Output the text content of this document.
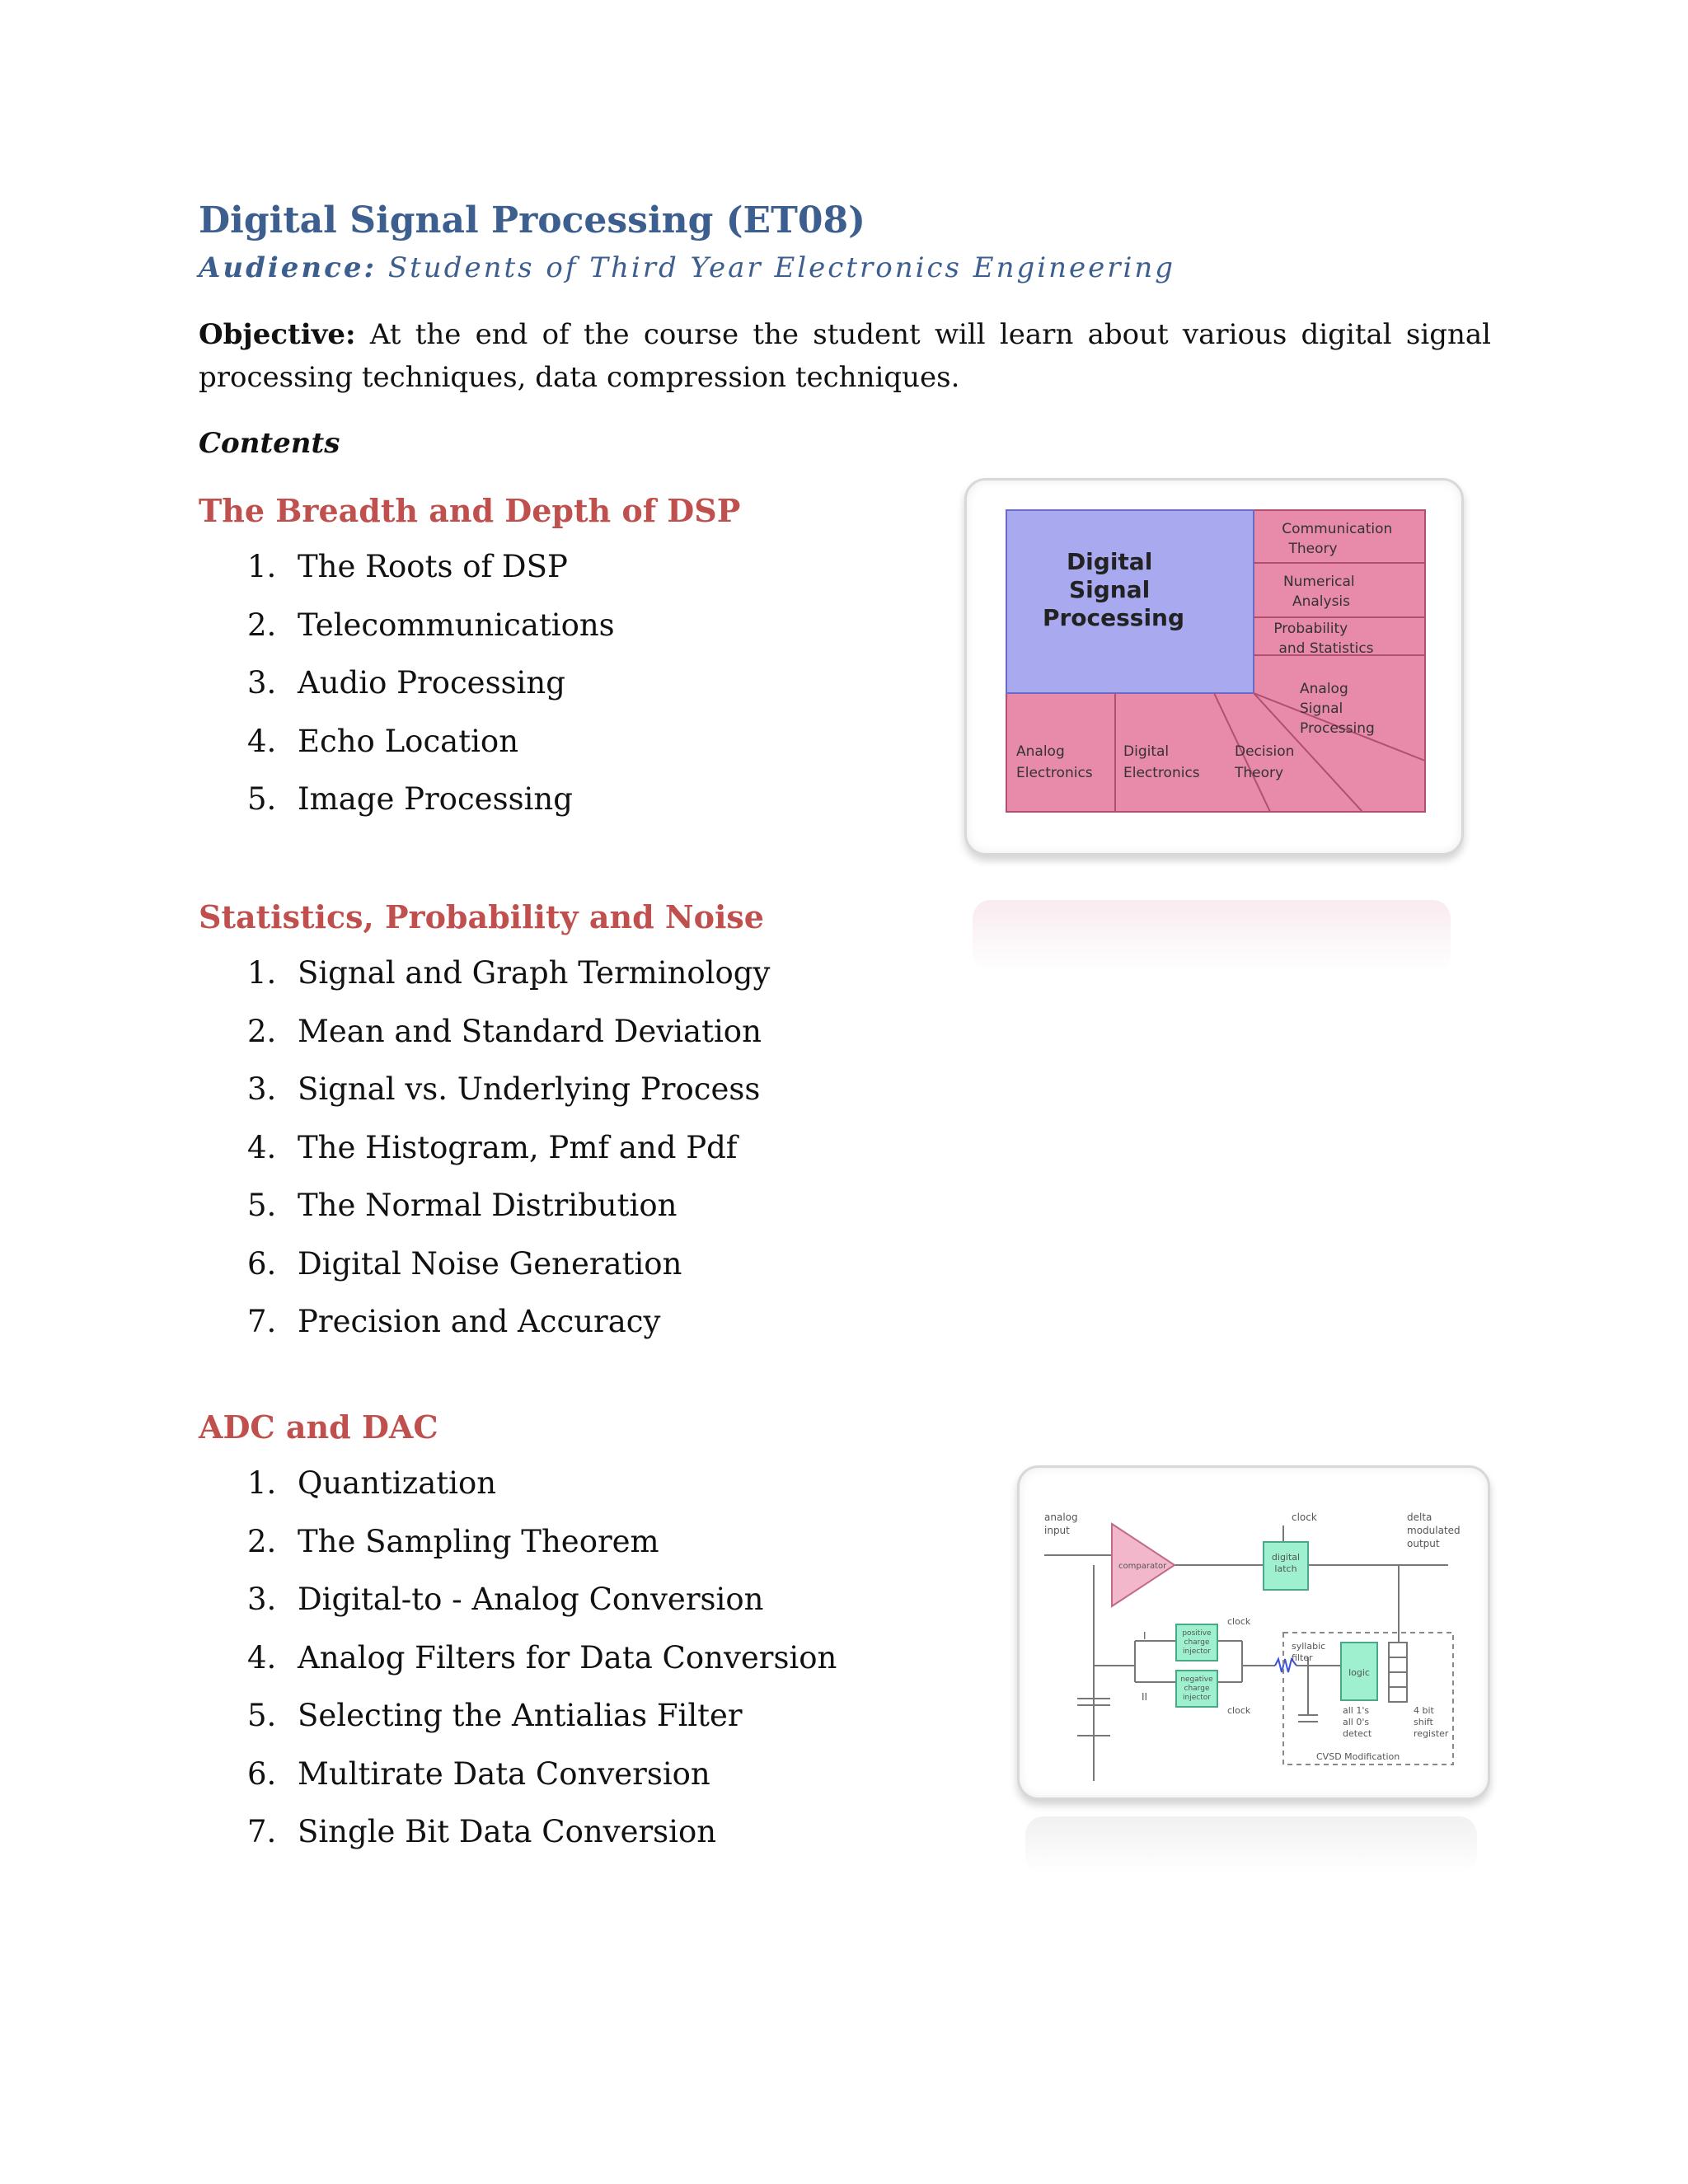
Digital Signal Processing (ET08)

Audience: Students of Third Year Electronics Engineering

Objective: At the end of the course the student will learn about various digital signal processing techniques, data compression techniques.

Contents

The Breadth and Depth of DSP
1. The Roots of DSP
2. Telecommunications
3. Audio Processing
4. Echo Location
5. Image Processing
Statistics, Probability and Noise
1. Signal and Graph Terminology
2. Mean and Standard Deviation
3. Signal vs. Underlying Process
4. The Histogram, Pmf and Pdf
5. The Normal Distribution
6. Digital Noise Generation
7. Precision and Accuracy
ADC and DAC
1. Quantization
2. The Sampling Theorem
3. Digital-to - Analog Conversion
4. Analog Filters for Data Conversion
5. Selecting the Antialias Filter
6. Multirate Data Conversion
7. Single Bit Data Conversion
Digital Signal Processing
Communication Theory
Numerical Analysis
Probability and Statistics
Analog Signal Processing
Analog Electronics
Digital Electronics
Decision Theory
analog input
comparator
clock
digital latch
delta modulated output
positive charge injector
negative charge injector
clock
clock
I
II
syllabic filter
logic
all 1's all 0's detect
4 bit shift register
CVSD Modification
